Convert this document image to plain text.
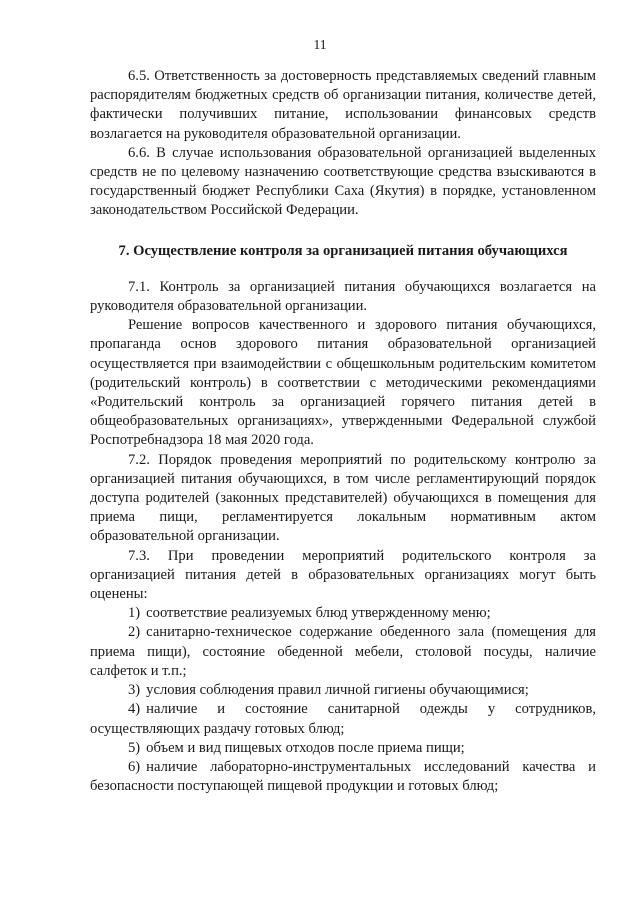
11

6.5. Ответственность за достоверность представляемых сведений главным распорядителям бюджетных средств об организации питания, количестве детей, фактически получивших питание, использовании финансовых средств возлагается на руководителя образовательной организации.

6.6. В случае использования образовательной организацией выделенных средств не по целевому назначению соответствующие средства взыскиваются в государственный бюджет Республики Саха (Якутия) в порядке, установленном законодательством Российской Федерации.

7. Осуществление контроля за организацией питания обучающихся

7.1. Контроль за организацией питания обучающихся возлагается на руководителя образовательной организации.

Решение вопросов качественного и здорового питания обучающихся, пропаганда основ здорового питания образовательной организацией осуществляется при взаимодействии с общешкольным родительским комитетом (родительский контроль) в соответствии с методическими рекомендациями «Родительский контроль за организацией горячего питания детей в общеобразовательных организациях», утвержденными Федеральной службой Роспотребнадзора 18 мая 2020 года.

7.2. Порядок проведения мероприятий по родительскому контролю за организацией питания обучающихся, в том числе регламентирующий порядок доступа родителей (законных представителей) обучающихся в помещения для приема пищи, регламентируется локальным нормативным актом образовательной организации.

7.3. При проведении мероприятий родительского контроля за организацией питания детей в образовательных организациях могут быть оценены:

1) соответствие реализуемых блюд утвержденному меню;

2) санитарно-техническое содержание обеденного зала (помещения для приема пищи), состояние обеденной мебели, столовой посуды, наличие салфеток и т.п.;

3) условия соблюдения правил личной гигиены обучающимися;

4) наличие и состояние санитарной одежды у сотрудников, осуществляющих раздачу готовых блюд;

5) объем и вид пищевых отходов после приема пищи;

6) наличие лабораторно-инструментальных исследований качества и безопасности поступающей пищевой продукции и готовых блюд;
